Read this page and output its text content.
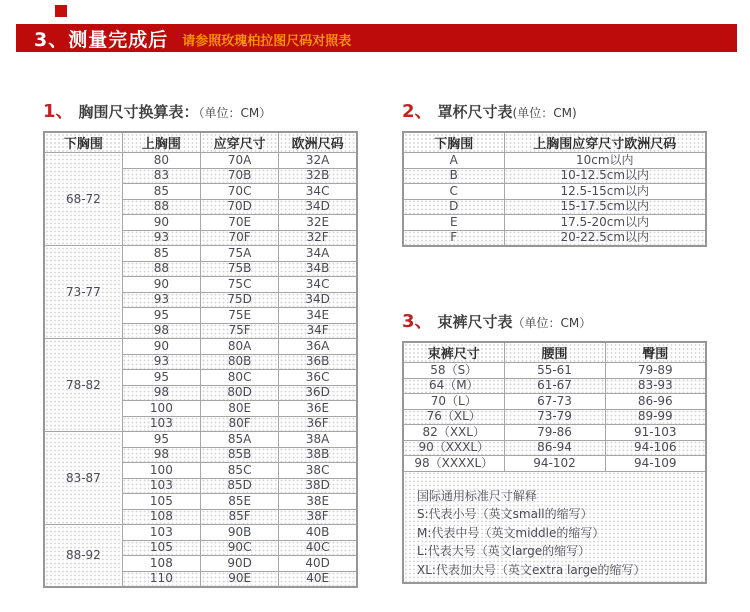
3、测量完成后 请参照玫瑰柏拉图尺码对照表
1、 胸围尺寸换算表：（单位：CM）
下胸围	上胸围	应穿尺寸	欧洲尺码
68-72	80	70A	32A
	83	70B	32B
	85	70C	34C
	88	70D	34D
	90	70E	32E
	93	70F	32F
73-77	85	75A	34A
	88	75B	34B
	90	75C	34C
	93	75D	34D
	95	75E	34E
	98	75F	34F
78-82	90	80A	36A
	93	80B	36B
	95	80C	36C
	98	80D	36D
	100	80E	36E
	103	80F	36F
83-87	95	85A	38A
	98	85B	38B
	100	85C	38C
	103	85D	38D
	105	85E	38E
	108	85F	38F
88-92	103	90B	40B
	105	90C	40C
	108	90D	40D
	110	90E	40E
2、 罩杯尺寸表(单位：CM)
下胸围	上胸围应穿尺寸欧洲尺码
A	10cm以内
B	10-12.5cm以内
C	12.5-15cm以内
D	15-17.5cm以内
E	17.5-20cm以内
F	20-22.5cm以内
3、 束裤尺寸表（单位：CM）
束裤尺寸	腰围	臀围
58（S）	55-61	79-89
64（M）	61-67	83-93
70（L）	67-73	86-96
76（XL）	73-79	89-99
82（XXL）	79-86	91-103
90（XXXL）	86-94	94-106
98（XXXXL）	94-102	94-109

国际通用标准尺寸解释
S:代表小号（英文small的缩写）
M:代表中号（英文middle的缩写）
L:代表大号（英文large的缩写）
XL:代表加大号（英文extra large的缩写）		
